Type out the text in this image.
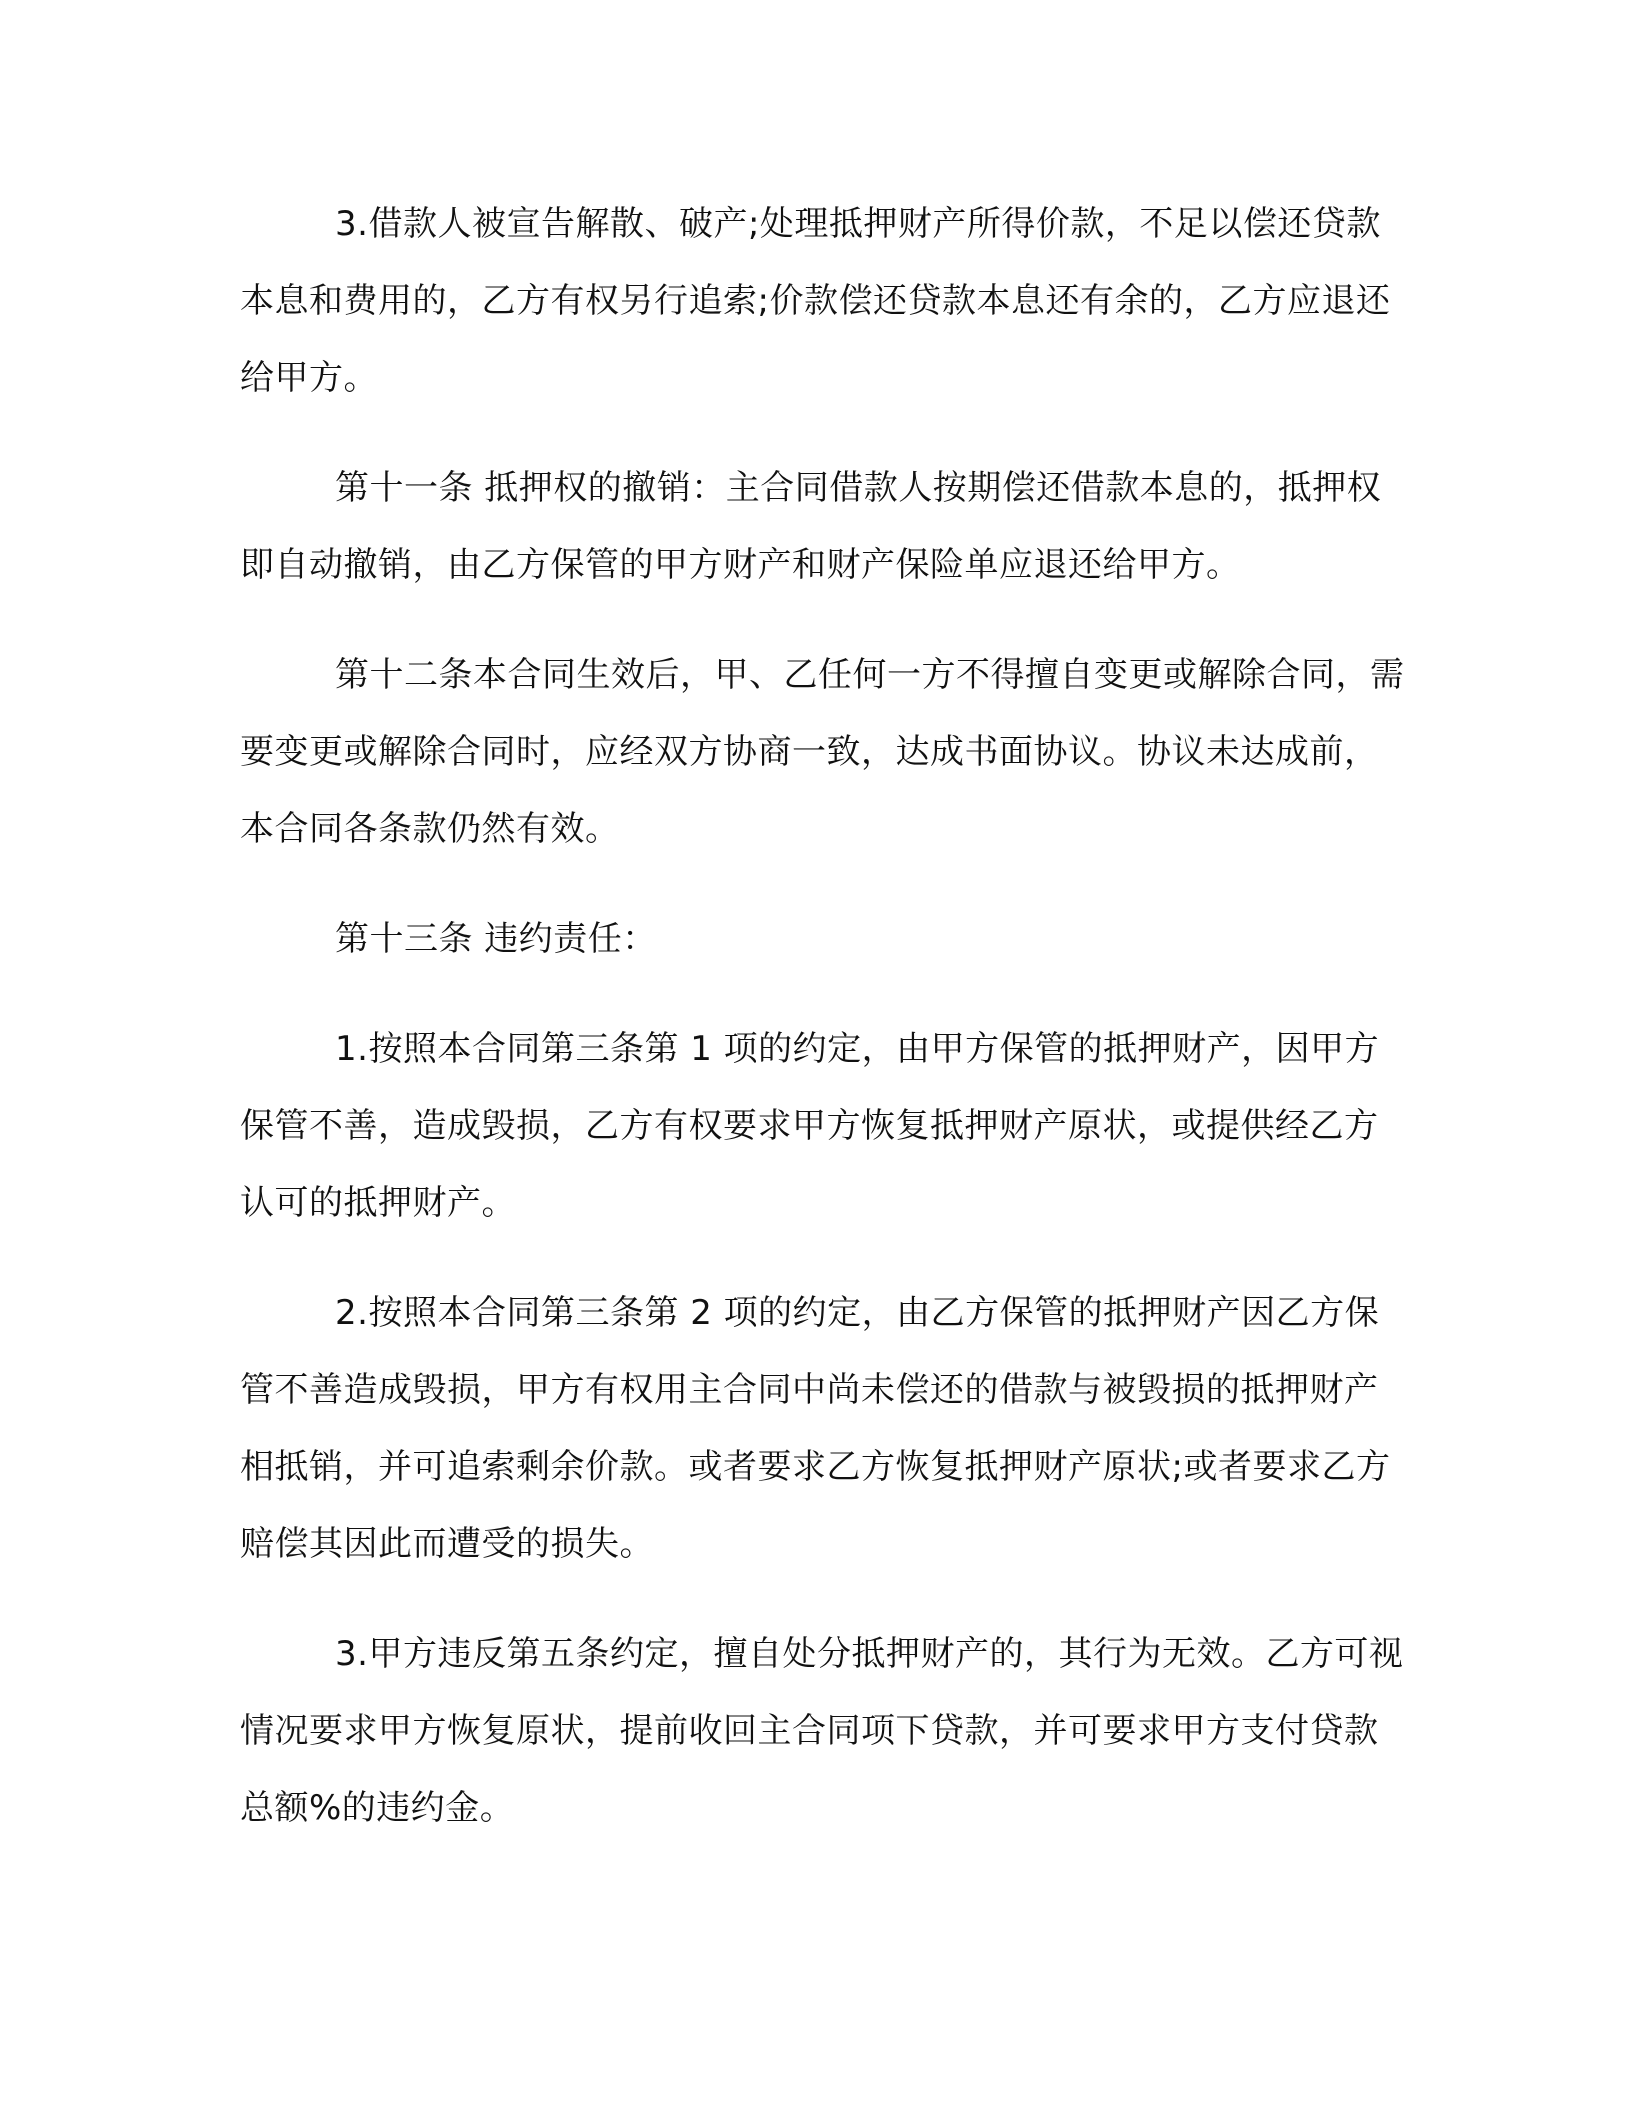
3.借款人被宣告解散、破产;处理抵押财产所得价款，不足以偿还贷款本息和费用的，乙方有权另行追索;价款偿还贷款本息还有余的，乙方应退还给甲方。

第十一条 抵押权的撤销：主合同借款人按期偿还借款本息的，抵押权即自动撤销，由乙方保管的甲方财产和财产保险单应退还给甲方。

第十二条本合同生效后，甲、乙任何一方不得擅自变更或解除合同，需要变更或解除合同时，应经双方协商一致，达成书面协议。协议未达成前，本合同各条款仍然有效。

第十三条 违约责任：

1.按照本合同第三条第 1 项的约定，由甲方保管的抵押财产，因甲方保管不善，造成毁损，乙方有权要求甲方恢复抵押财产原状，或提供经乙方认可的抵押财产。

2.按照本合同第三条第 2 项的约定，由乙方保管的抵押财产因乙方保管不善造成毁损，甲方有权用主合同中尚未偿还的借款与被毁损的抵押财产相抵销，并可追索剩余价款。或者要求乙方恢复抵押财产原状;或者要求乙方赔偿其因此而遭受的损失。

3.甲方违反第五条约定，擅自处分抵押财产的，其行为无效。乙方可视情况要求甲方恢复原状，提前收回主合同项下贷款，并可要求甲方支付贷款总额%的违约金。
